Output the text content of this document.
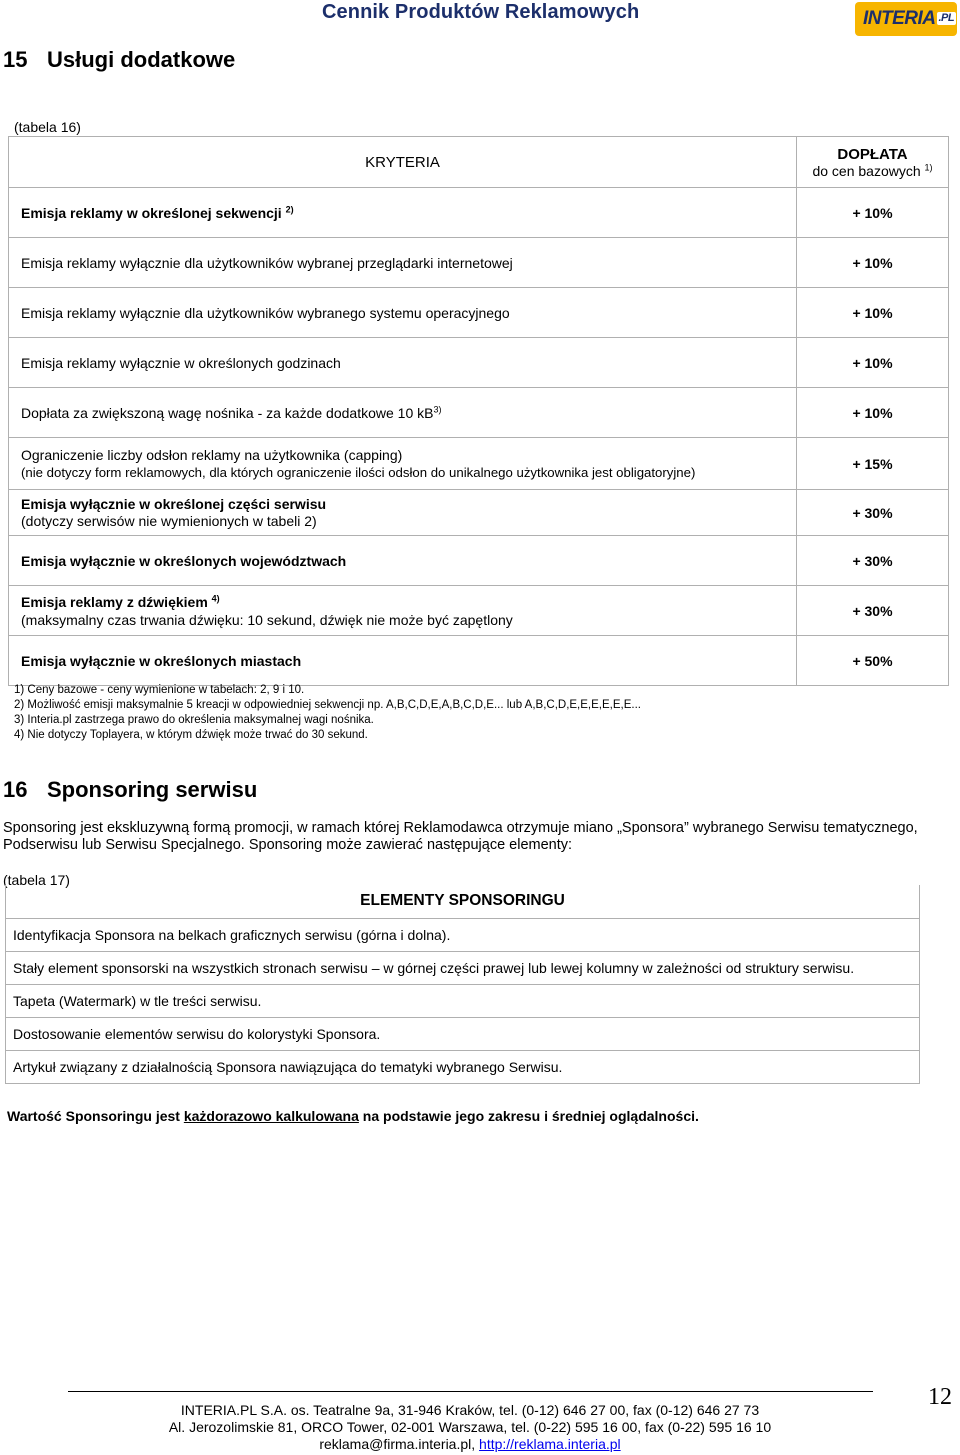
Cennik Produktów Reklamowych	INTERIA .PL
15 Usługi dodatkowe
(tabela 16)
KRYTERIA	DOPŁATA
do cen bazowych $^{1)}$

Emisja reklamy w określonej sekwencji $^{2)}$	+ 10%
Emisja reklamy wyłącznie dla użytkowników wybranej przeglądarki internetowej	+ 10%
Emisja reklamy wyłącznie dla użytkowników wybranego systemu operacyjnego	+ 10%
Emisja reklamy wyłącznie w określonych godzinach	+ 10%
Dopłata za zwiększoną wagę nośnika - za każde dodatkowe 10 $kB^{3)}$	+ 10%

Ograniczenie liczby odsłon reklamy na użytkownika (capping)
(nie dotyczy form reklamowych, dla których ograniczenie ilości odsłon do unikalnego użytkownika jest obligatoryjne)	+ 15%

Emisja wyłącznie w określonej części serwisu
(dotyczy serwisów nie wymienionych w tabeli 2)	+ 30%
Emisja wyłącznie w określonych województwach	+ 30%

Emisja reklamy z dźwiękiem $^{4)}$
(maksymalny czas trwania dźwięku: 10 sekund, dźwięk nie może być zapętlony	+ 30%
Emisja wyłącznie w określonych miastach	+ 50%
1) Ceny bazowe - ceny wymienione w tabelach: 2, 9 i 10.
2) Możliwość emisji maksymalnie 5 kreacji w odpowiedniej sekwencji np. A,B,C,D,E,A,B,C,D,E... lub A,B,C,D,E,E,E,E,E,E...
3) Interia.pl zastrzega prawo do określenia maksymalnej wagi nośnika.
4) Nie dotyczy Toplayera, w którym dźwięk może trwać do 30 sekund.
16 Sponsoring serwisu
Sponsoring jest ekskluzywną formą promocji, w ramach której Reklamodawca otrzymuje miano „Sponsora” wybranego Serwisu tematycznego, Podserwisu lub Serwisu Specjalnego. Sponsoring może zawierać następujące elementy:
(tabela 17)
ELEMENTY SPONSORINGU
Identyfikacja Sponsora na belkach graficznych serwisu (górna i dolna).
Stały element sponsorski na wszystkich stronach serwisu – w górnej części prawej lub lewej kolumny w zależności od struktury serwisu.
Tapeta (Watermark) w tle treści serwisu.
Dostosowanie elementów serwisu do kolorystyki Sponsora.
Artykuł związany z działalnością Sponsora nawiązująca do tematyki wybranego Serwisu.
Wartość Sponsoringu jest każdorazowo kalkulowana na podstawie jego zakresu i średniej oglądalności.
INTERIA.PL S.A. os. Teatralne 9a, 31-946 Kraków, tel. (0-12) 646 27 00, fax (0-12) 646 27 73
Al. Jerozolimskie 81, ORCO Tower, 02-001 Warszawa, tel. (0-22) 595 16 00, fax (0-22) 595 16 10
reklama@firma.interia.pl, http://reklama.interia.pl
12
